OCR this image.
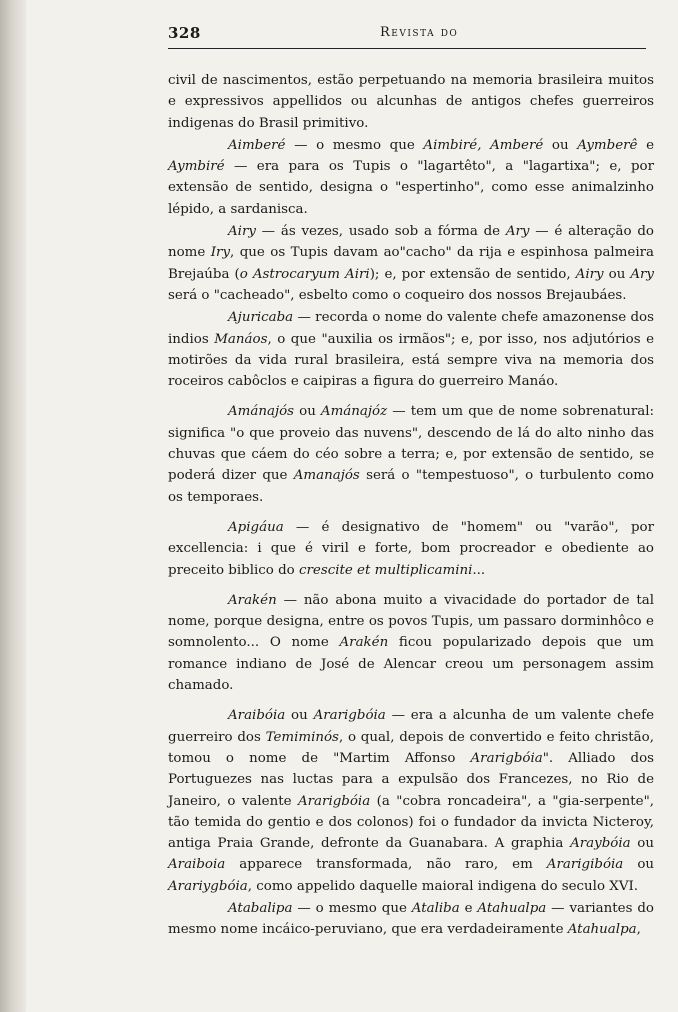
328	Revista do

civil de nascimentos, estão perpetuando na memoria brasileira muitos e expressivos appellidos ou alcunhas de antigos chefes guerreiros indigenas do Brasil primitivo.

Aimberé — o mesmo que Aimbiré, Amberé ou Aymberê e Aymbiré — era para os Tupis o "lagartêto", a "lagartixa"; e, por extensão de sentido, designa o "espertinho", como esse animalzinho lépido, a sardanisca.

Airy — ás vezes, usado sob a fórma de Ary — é alteração do nome Iry, que os Tupis davam ao"cacho" da rija e espinhosa palmeira Brejaúba (o Astrocaryum Airi); e, por extensão de sentido, Airy ou Ary será o "cacheado", esbelto como o coqueiro dos nossos Brejaubáes.

Ajuricaba — recorda o nome do valente chefe amazonense dos indios Manáos, o que "auxilia os irmãos"; e, por isso, nos adjutórios e motirões da vida rural brasileira, está sempre viva na memoria dos roceiros cabôclos e caipiras a figura do guerreiro Manáo.

Amánajós ou Amánajóz — tem um que de nome sobrenatural: significa "o que proveio das nuvens", descendo de lá do alto ninho das chuvas que cáem do céo sobre a terra; e, por extensão de sentido, se poderá dizer que Amanajós será o "tempestuoso", o turbulento como os temporaes.

Apigáua — é designativo de "homem" ou "varão", por excellencia: i que é viril e forte, bom procreador e obediente ao preceito biblico do crescite et multiplicamini...

Arakén — não abona muito a vivacidade do portador de tal nome, porque designa, entre os povos Tupis, um passaro dorminhôco e somnolento... O nome Arakén ficou popularizado depois que um romance indiano de José de Alencar creou um personagem assim chamado.

Araibóia ou Ararigbóia — era a alcunha de um valente chefe guerreiro dos Temiminós, o qual, depois de convertido e feito christão, tomou o nome de "Martim Affonso Ararigbóia". Alliado dos Portuguezes nas luctas para a expulsão dos Francezes, no Rio de Janeiro, o valente Ararigbóia (a "cobra roncadeira", a "gia-serpente", tão temida do gentio e dos colonos) foi o fundador da invicta Nicteroy, antiga Praia Grande, defronte da Guanabara. A graphia Araybóia ou Araiboia apparece transformada, não raro, em Ararigibóia ou Arariygbóia, como appelido daquelle maioral indigena do seculo XVI.

Atabalipa — o mesmo que Ataliba e Atahualpa — variantes do mesmo nome incáico-peruviano, que era verdadeiramente Atahualpa,
